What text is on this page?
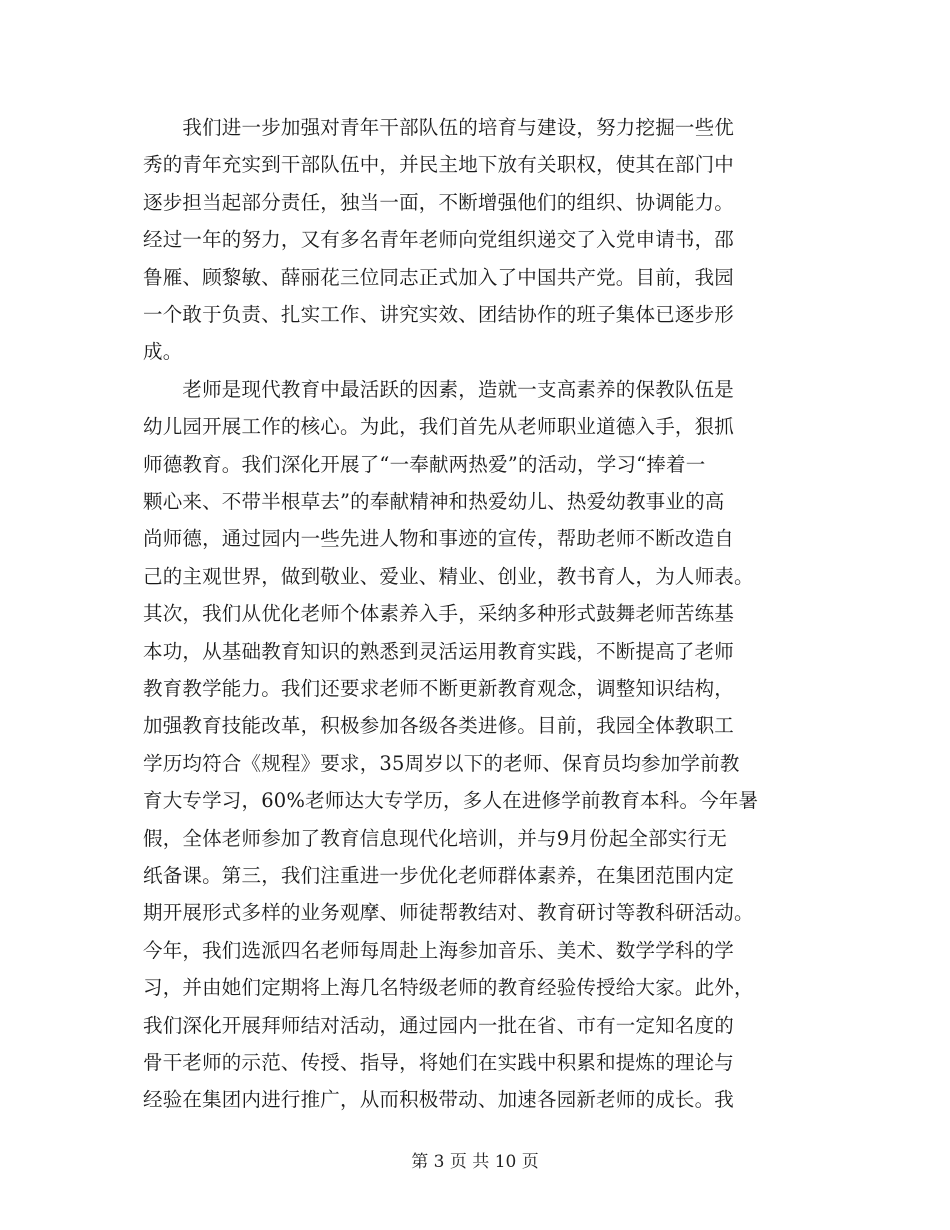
　　我们进一步加强对青年干部队伍的培育与建设，努力挖掘一些优
秀的青年充实到干部队伍中，并民主地下放有关职权，使其在部门中
逐步担当起部分责任，独当一面，不断增强他们的组织、协调能力。
经过一年的努力，又有多名青年老师向党组织递交了入党申请书，邵
鲁雁、顾黎敏、薛丽花三位同志正式加入了中国共产党。目前，我园
一个敢于负责、扎实工作、讲究实效、团结协作的班子集体已逐步形
成。
　　老师是现代教育中最活跃的因素，造就一支高素养的保教队伍是
幼儿园开展工作的核心。为此，我们首先从老师职业道德入手，狠抓
师德教育。我们深化开展了“一奉献两热爱”的活动，学习“捧着一
颗心来、不带半根草去”的奉献精神和热爱幼儿、热爱幼教事业的高
尚师德，通过园内一些先进人物和事迹的宣传，帮助老师不断改造自
己的主观世界，做到敬业、爱业、精业、创业，教书育人，为人师表。
其次，我们从优化老师个体素养入手，采纳多种形式鼓舞老师苦练基
本功，从基础教育知识的熟悉到灵活运用教育实践，不断提高了老师
教育教学能力。我们还要求老师不断更新教育观念，调整知识结构，
加强教育技能改革，积极参加各级各类进修。目前，我园全体教职工
学历均符合《规程》要求，35周岁以下的老师、保育员均参加学前教
育大专学习，60%老师达大专学历，多人在进修学前教育本科。今年暑
假，全体老师参加了教育信息现代化培训，并与9月份起全部实行无
纸备课。第三，我们注重进一步优化老师群体素养，在集团范围内定
期开展形式多样的业务观摩、师徒帮教结对、教育研讨等教科研活动。
今年，我们选派四名老师每周赴上海参加音乐、美术、数学学科的学
习，并由她们定期将上海几名特级老师的教育经验传授给大家。此外，
我们深化开展拜师结对活动，通过园内一批在省、市有一定知名度的
骨干老师的示范、传授、指导，将她们在实践中积累和提炼的理论与
经验在集团内进行推广，从而积极带动、加速各园新老师的成长。我
第 3 页 共 10 页
